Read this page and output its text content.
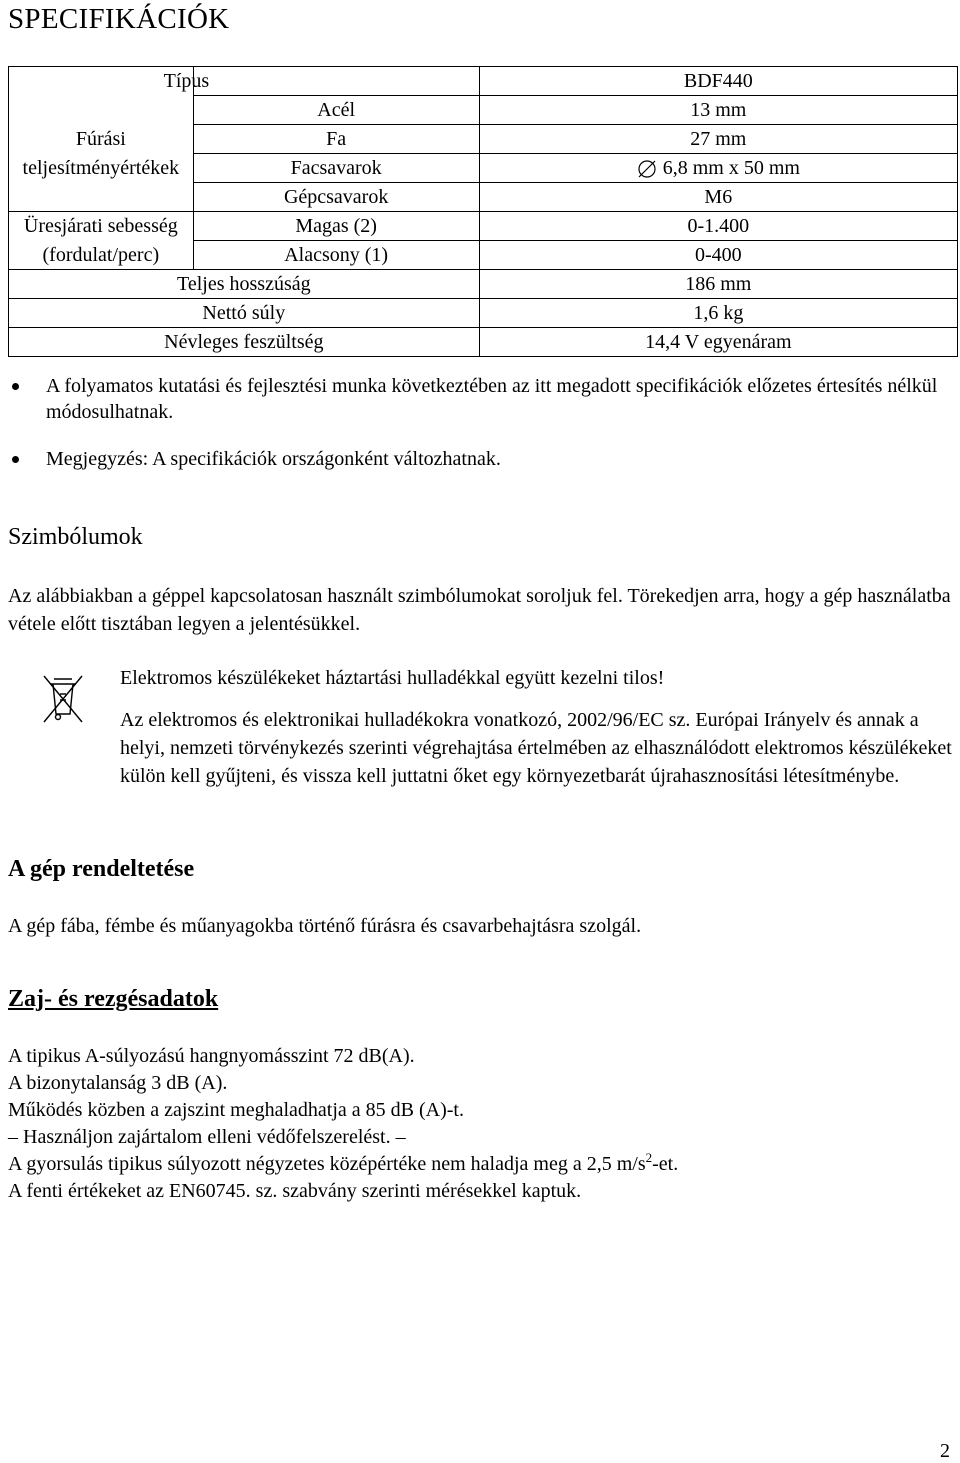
SPECIFIKÁCIÓK
	Típus	BDF440
	Acél	13 mm
Fúrási	Fa	27 mm
teljesítményértékek	Facsavarok	6,8 mm x 50 mm
	Gépcsavarok	M6
Üresjárati sebesség	Magas (2)	0-1.400
(fordulat/perc)	Alacsony (1)	0-400
Teljes hosszúság		186 mm
Nettó súly		1,6 kg
Névleges feszültség		14,4 V egyenáram
A folyamatos kutatási és fejlesztési munka következtében az itt megadott specifikációk előzetes értesítés nélkül módosulhatnak.
Megjegyzés: A specifikációk országonként változhatnak.
Szimbólumok

Az alábbiakban a géppel kapcsolatosan használt szimbólumokat soroljuk fel. Törekedjen arra, hogy a gép használatba vétele előtt tisztában legyen a jelentésükkel.

Elektromos készülékeket háztartási hulladékkal együtt kezelni tilos!

Az elektromos és elektronikai hulladékokra vonatkozó, 2002/96/EC sz. Európai Irányelv és annak a helyi, nemzeti törvénykezés szerinti végrehajtása értelmében az elhasználódott elektromos készülékeket külön kell gyűjteni, és vissza kell juttatni őket egy környezetbarát újrahasznosítási létesítménybe.

A gép rendeltetése

A gép fába, fémbe és műanyagokba történő fúrásra és csavarbehajtásra szolgál.

Zaj- és rezgésadatok
A tipikus A-súlyozású hangnyomásszint 72 dB(A).
A bizonytalanság 3 dB (A).
Működés közben a zajszint meghaladhatja a 85 dB (A)-t.
– Használjon zajártalom elleni védőfelszerelést. –
A gyorsulás tipikus súlyozott négyzetes középértéke nem haladja meg a 2,5 $m/s^2-et$.
A fenti értékeket az EN60745. sz. szabvány szerinti mérésekkel kaptuk.
2
